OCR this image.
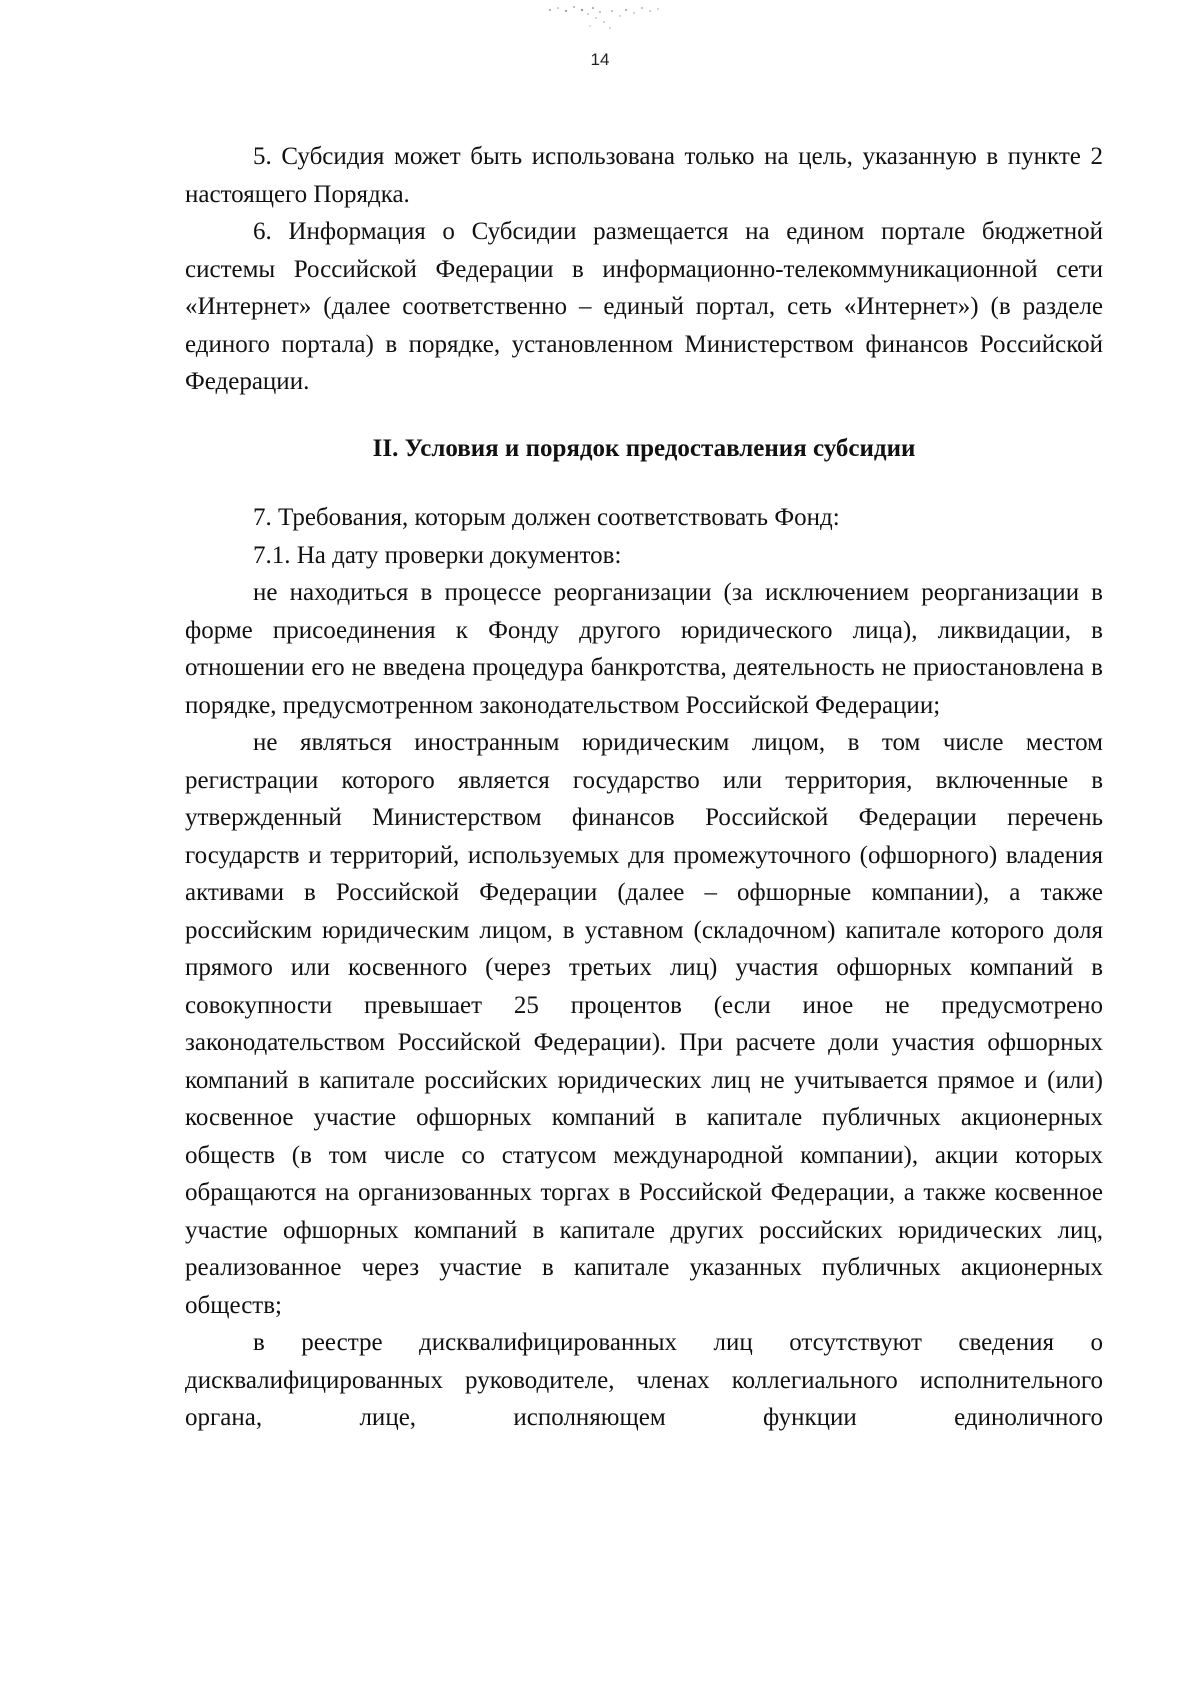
14

5. Субсидия может быть использована только на цель, указанную в пункте 2 настоящего Порядка.

6. Информация о Субсидии размещается на едином портале бюджетной системы Российской Федерации в информационно-телекоммуникационной сети «Интернет» (далее соответственно – единый портал, сеть «Интернет») (в разделе единого портала) в порядке, установленном Министерством финансов Российской Федерации.

II. Условия и порядок предоставления субсидии

7. Требования, которым должен соответствовать Фонд:

7.1. На дату проверки документов:

не находиться в процессе реорганизации (за исключением реорганизации в форме присоединения к Фонду другого юридического лица), ликвидации, в отношении его не введена процедура банкротства, деятельность не приостановлена в порядке, предусмотренном законодательством Российской Федерации;

не являться иностранным юридическим лицом, в том числе местом регистрации которого является государство или территория, включенные в утвержденный Министерством финансов Российской Федерации перечень государств и территорий, используемых для промежуточного (офшорного) владения активами в Российской Федерации (далее – офшорные компании), а также российским юридическим лицом, в уставном (складочном) капитале которого доля прямого или косвенного (через третьих лиц) участия офшорных компаний в совокупности превышает 25 процентов (если иное не предусмотрено законодательством Российской Федерации). При расчете доли участия офшорных компаний в капитале российских юридических лиц не учитывается прямое и (или) косвенное участие офшорных компаний в капитале публичных акционерных обществ (в том числе со статусом международной компании), акции которых обращаются на организованных торгах в Российской Федерации, а также косвенное участие офшорных компаний в капитале других российских юридических лиц, реализованное через участие в капитале указанных публичных акционерных обществ;

в реестре дисквалифицированных лиц отсутствуют сведения о дисквалифицированных руководителе, членах коллегиального исполнительного органа, лице, исполняющем функции единоличного
